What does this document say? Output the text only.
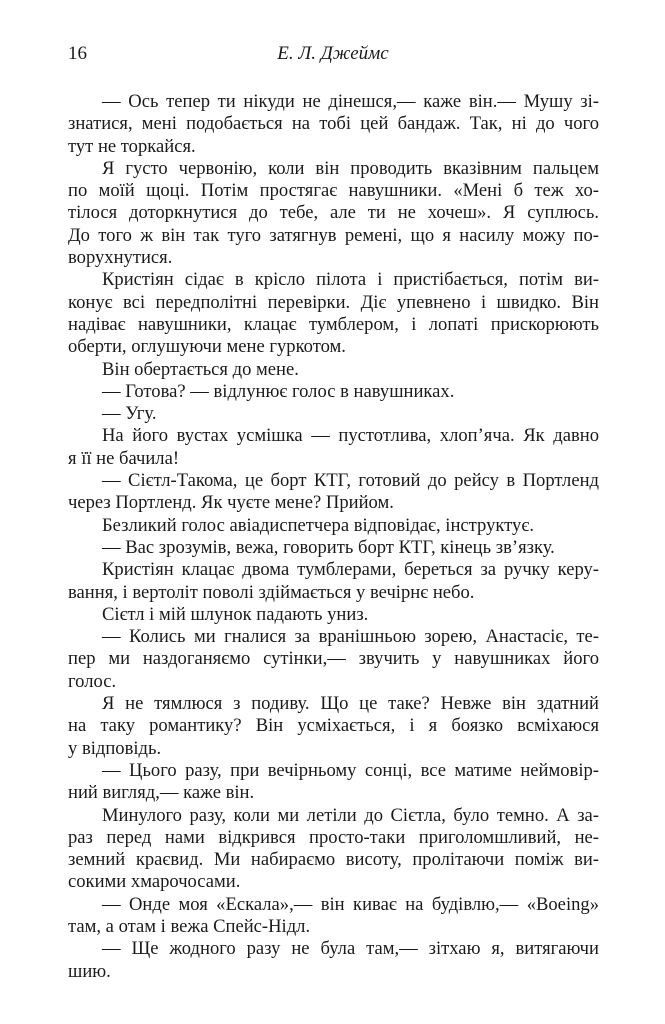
16	Е. Л. Джеймс
— Ось тепер ти нікуди не дінешся,— каже він.— Мушу зі-
знатися, мені подобається на тобі цей бандаж. Так, ні до чого
тут не торкайся.
Я густо червонію, коли він проводить вказівним пальцем
по моїй щоці. Потім простягає навушники. «Мені б теж хо-
тілося доторкнутися до тебе, але ти не хочеш». Я суплюсь.
До того ж він так туго затягнув ремені, що я насилу можу по-
ворухнутися.
Кристіян сідає в крісло пілота і пристібається, потім ви-
конує всі передполітні перевірки. Діє упевнено і швидко. Він
надіває навушники, клацає тумблером, і лопаті прискорюють
оберти, оглушуючи мене гуркотом.
Він обертається до мене.
— Готова? — відлунює голос в навушниках.
— Угу.
На його вустах усмішка — пустотлива, хлоп’яча. Як давно
я її не бачила!
— Сієтл-Такома, це борт КТГ, готовий до рейсу в Портленд
через Портленд. Як чуєте мене? Прийом.
Безликий голос авіадиспетчера відповідає, інструктує.
— Вас зрозумів, вежа, говорить борт КТГ, кінець зв’язку.
Кристіян клацає двома тумблерами, береться за ручку керу-
вання, і вертоліт поволі здіймається у вечірнє небо.
Сієтл і мій шлунок падають униз.
— Колись ми гналися за вранішньою зорею, Анастасіє, те-
пер ми наздоганяємо сутінки,— звучить у навушниках його
голос.
Я не тямлюся з подиву. Що це таке? Невже він здатний
на таку романтику? Він усміхається, і я боязко всміхаюся
у відповідь.
— Цього разу, при вечірньому сонці, все матиме неймовір-
ний вигляд,— каже він.
Минулого разу, коли ми летіли до Сієтла, було темно. А за-
раз перед нами відкрився просто-таки приголомшливий, не-
земний краєвид. Ми набираємо висоту, пролітаючи поміж ви-
сокими хмарочосами.
— Онде моя «Ескала»,— він киває на будівлю,— «Boeing»
там, а отам і вежа Спейс-Нідл.
— Ще жодного разу не була там,— зітхаю я, витягаючи
шию.
